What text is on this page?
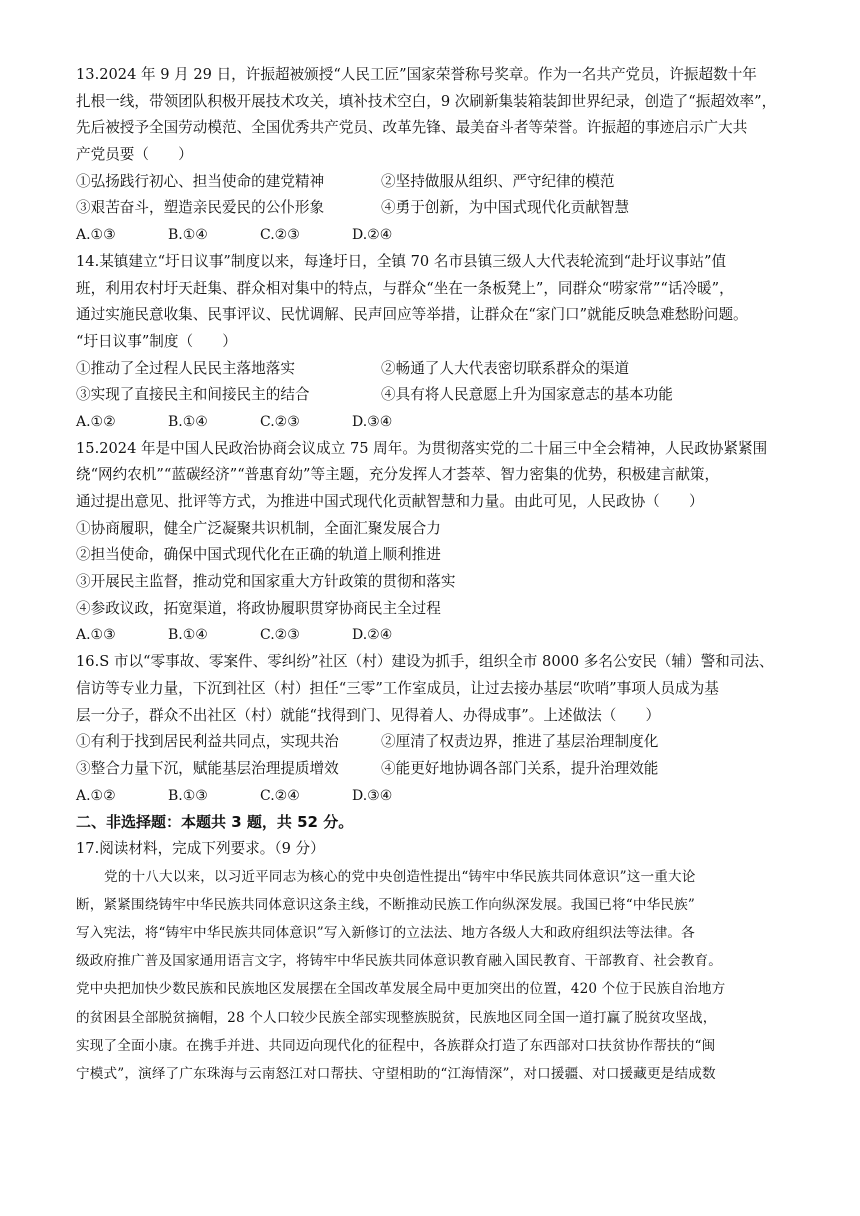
13.2024 年 9 月 29 日，许振超被颁授“人民工匠”国家荣誉称号奖章。作为一名共产党员，许振超数十年
扎根一线，带领团队积极开展技术攻关，填补技术空白，9 次刷新集装箱装卸世界纪录，创造了“振超效率”，
先后被授予全国劳动模范、全国优秀共产党员、改革先锋、最美奋斗者等荣誉。许振超的事迹启示广大共
产党员要（　　）
①弘扬践行初心、担当使命的建党精神	②坚持做服从组织、严守纪律的模范
③艰苦奋斗，塑造亲民爱民的公仆形象	④勇于创新，为中国式现代化贡献智慧
A.①③	B.①④	C.②③	D.②④
14.某镇建立“圩日议事”制度以来，每逢圩日，全镇 70 名市县镇三级人大代表轮流到“赴圩议事站”值
班，利用农村圩天赶集、群众相对集中的特点，与群众“坐在一条板凳上”，同群众“唠家常”“话冷暖”，
通过实施民意收集、民事评议、民忧调解、民声回应等举措，让群众在“家门口”就能反映急难愁盼问题。
“圩日议事”制度（　　）
①推动了全过程人民民主落地落实	②畅通了人大代表密切联系群众的渠道
③实现了直接民主和间接民主的结合	④具有将人民意愿上升为国家意志的基本功能
A.①②	B.①④	C.②③	D.③④
15.2024 年是中国人民政治协商会议成立 75 周年。为贯彻落实党的二十届三中全会精神，人民政协紧紧围
绕“网约农机”“蓝碳经济”“普惠育幼”等主题，充分发挥人才荟萃、智力密集的优势，积极建言献策，
通过提出意见、批评等方式，为推进中国式现代化贡献智慧和力量。由此可见，人民政协（　　）
①协商履职，健全广泛凝聚共识机制，全面汇聚发展合力
②担当使命，确保中国式现代化在正确的轨道上顺利推进
③开展民主监督，推动党和国家重大方针政策的贯彻和落实
④参政议政，拓宽渠道，将政协履职贯穿协商民主全过程
A.①③	B.①④	C.②③	D.②④
16.S 市以“零事故、零案件、零纠纷”社区（村）建设为抓手，组织全市 8000 多名公安民（辅）警和司法、
信访等专业力量，下沉到社区（村）担任“三零”工作室成员，让过去接办基层“吹哨”事项人员成为基
层一分子，群众不出社区（村）就能“找得到门、见得着人、办得成事”。上述做法（　　）
①有利于找到居民利益共同点，实现共治	②厘清了权责边界，推进了基层治理制度化
③整合力量下沉，赋能基层治理提质增效	④能更好地协调各部门关系，提升治理效能
A.①②	B.①③	C.②④	D.③④
二、非选择题：本题共 3 题，共 52 分。
17.阅读材料，完成下列要求。（9 分）
党的十八大以来，以习近平同志为核心的党中央创造性提出“铸牢中华民族共同体意识”这一重大论
断，紧紧围绕铸牢中华民族共同体意识这条主线，不断推动民族工作向纵深发展。我国已将“中华民族”
写入宪法，将“铸牢中华民族共同体意识”写入新修订的立法法、地方各级人大和政府组织法等法律。各
级政府推广普及国家通用语言文字，将铸牢中华民族共同体意识教育融入国民教育、干部教育、社会教育。
党中央把加快少数民族和民族地区发展摆在全国改革发展全局中更加突出的位置，420 个位于民族自治地方
的贫困县全部脱贫摘帽，28 个人口较少民族全部实现整族脱贫，民族地区同全国一道打赢了脱贫攻坚战，
实现了全面小康。在携手并进、共同迈向现代化的征程中，各族群众打造了东西部对口扶贫协作帮扶的“闽
宁模式”，演绎了广东珠海与云南怒江对口帮扶、守望相助的“江海情深”，对口援疆、对口援藏更是结成数
